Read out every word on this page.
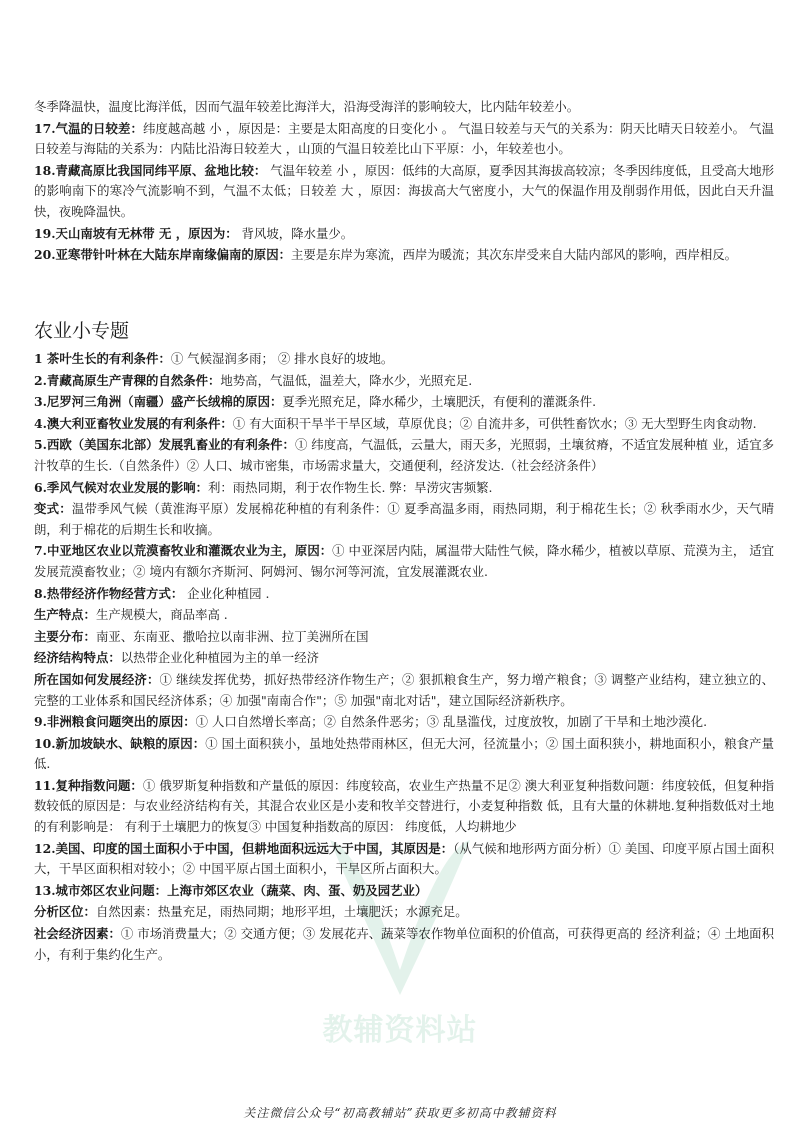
教辅资料站

冬季降温快，温度比海洋低，因而气温年较差比海洋大，沿海受海洋的影响较大，比内陆年较差小。

17.气温的日较差：纬度越高越 小 ，原因是：主要是太阳高度的日变化小 。 气温日较差与天气的关系为：阴天比晴天日较差小。 气温日较差与海陆的关系为：内陆比沿海日较差大 ，山顶的气温日较差比山下平原：小，年较差也小。

18.青藏高原比我国同纬平原、盆地比较： 气温年较差 小 ，原因：低纬的大高原，夏季因其海拔高较凉；冬季因纬度低，且受高大地形的影响南下的寒冷气流影响不到，气温不太低；日较差 大 ，原因：海拔高大气密度小，大气的保温作用及削弱作用低，因此白天升温快，夜晚降温快。

19.天山南坡有无林带 无 ，原因为： 背风坡，降水量少。

20.亚寒带针叶林在大陆东岸南缘偏南的原因：主要是东岸为寒流，西岸为暖流；其次东岸受来自大陆内部风的影响，西岸相反。

农业小专题

1 茶叶生长的有利条件：① 气候湿润多雨； ② 排水良好的坡地。

2.青藏高原生产青稞的自然条件：地势高，气温低，温差大，降水少，光照充足.

3.尼罗河三角洲（南疆）盛产长绒棉的原因：夏季光照充足，降水稀少，土壤肥沃，有便利的灌溉条件.

4.澳大利亚畜牧业发展的有利条件：① 有大面积干旱半干旱区域，草原优良；② 自流井多，可供牲畜饮水；③ 无大型野生肉食动物.

5.西欧（美国东北部）发展乳畜业的有利条件：① 纬度高，气温低，云量大，雨天多，光照弱，土壤贫瘠，不适宜发展种植 业，适宜多汁牧草的生长.（自然条件）② 人口、城市密集，市场需求量大，交通便利，经济发达.（社会经济条件）

6.季风气候对农业发展的影响：利：雨热同期，利于农作物生长. 弊：旱涝灾害频繁.

变式：温带季风气候（黄淮海平原）发展棉花种植的有利条件：① 夏季高温多雨，雨热同期，利于棉花生长；② 秋季雨水少，天气晴朗，利于棉花的后期生长和收摘。

7.中亚地区农业以荒漠畜牧业和灌溉农业为主，原因：① 中亚深居内陆，属温带大陆性气候，降水稀少，植被以草原、荒漠为主， 适宜发展荒漠畜牧业；② 境内有额尔齐斯河、阿姆河、锡尔河等河流，宜发展灌溉农业.

8.热带经济作物经营方式： 企业化种植园 .

生产特点：生产规模大，商品率高 .

主要分布：南亚、东南亚、撒哈拉以南非洲、拉丁美洲所在国

经济结构特点：以热带企业化种植园为主的单一经济

所在国如何发展经济：① 继续发挥优势，抓好热带经济作物生产；② 狠抓粮食生产，努力增产粮食；③ 调整产业结构，建立独立的、完整的工业体系和国民经济体系；④ 加强"南南合作"；⑤ 加强"南北对话"，建立国际经济新秩序。

9.非洲粮食问题突出的原因：① 人口自然增长率高；② 自然条件恶劣；③ 乱垦滥伐，过度放牧，加剧了干旱和土地沙漠化.

10.新加坡缺水、缺粮的原因：① 国土面积狭小，虽地处热带雨林区，但无大河，径流量小；② 国土面积狭小，耕地面积小，粮食产量低.

11.复种指数问题：① 俄罗斯复种指数和产量低的原因：纬度较高，农业生产热量不足② 澳大利亚复种指数问题：纬度较低，但复种指数较低的原因是：与农业经济结构有关，其混合农业区是小麦和牧羊交替进行，小麦复种指数 低，且有大量的休耕地.复种指数低对土地的有利影响是： 有利于土壤肥力的恢复③ 中国复种指数高的原因： 纬度低，人均耕地少

12.美国、印度的国土面积小于中国，但耕地面积远远大于中国，其原因是：（从气候和地形两方面分析）① 美国、印度平原占国土面积大，干旱区面积相对较小；② 中国平原占国土面积小，干旱区所占面积大。

13.城市郊区农业问题：上海市郊区农业（蔬菜、肉、蛋、奶及园艺业）

分析区位：自然因素：热量充足，雨热同期；地形平坦，土壤肥沃；水源充足。

社会经济因素：① 市场消费量大；② 交通方便；③ 发展花卉、蔬菜等农作物单位面积的价值高，可获得更高的 经济利益；④ 土地面积小，有利于集约化生产。

关注微信公众号“初高教辅站”获取更多初高中教辅资料
